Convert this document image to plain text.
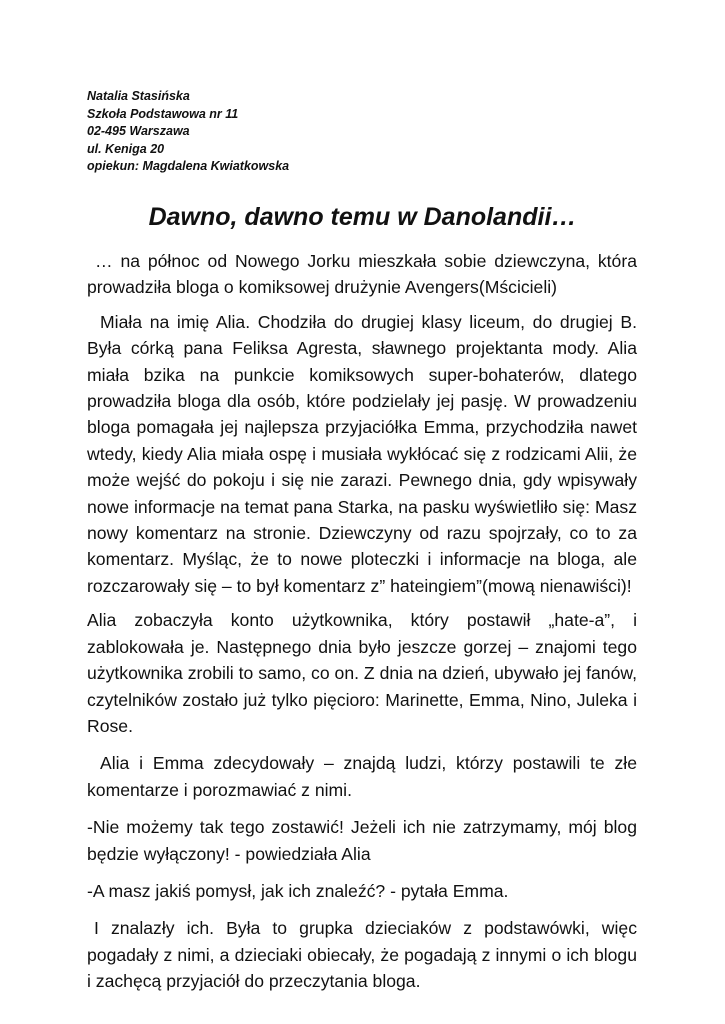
Natalia Stasińska
Szkoła Podstawowa nr 11
02-495 Warszawa
ul. Keniga 20
opiekun: Magdalena Kwiatkowska
Dawno, dawno temu w Danolandii…

… na północ od Nowego Jorku mieszkała sobie dziewczyna, która prowadziła bloga o komiksowej drużynie Avengers(Mścicieli)

Miała na imię Alia. Chodziła do drugiej klasy liceum, do drugiej B. Była córką pana Feliksa Agresta, sławnego projektanta mody. Alia miała bzika na punkcie komiksowych super-bohaterów, dlatego prowadziła bloga dla osób, które podzielały jej pasję. W prowadzeniu bloga pomagała jej najlepsza przyjaciółka Emma, przychodziła nawet wtedy, kiedy Alia miała ospę i musiała wykłócać się z rodzicami Alii, że może wejść do pokoju i się nie zarazi. Pewnego dnia, gdy wpisywały nowe informacje na temat pana Starka, na pasku wyświetliło się: Masz nowy komentarz na stronie. Dziewczyny od razu spojrzały, co to za komentarz. Myśląc, że to nowe ploteczki i informacje na bloga, ale rozczarowały się – to był komentarz z” hateingiem”(mową nienawiści)!

Alia zobaczyła konto użytkownika, który postawił „hate-a”, i zablokowała je. Następnego dnia było jeszcze gorzej – znajomi tego użytkownika zrobili to samo, co on. Z dnia na dzień, ubywało jej fanów, czytelników zostało już tylko pięcioro: Marinette, Emma, Nino, Juleka i Rose.

Alia i Emma zdecydowały – znajdą ludzi, którzy postawili te złe komentarze i porozmawiać z nimi.

-Nie możemy tak tego zostawić! Jeżeli ich nie zatrzymamy, mój blog będzie wyłączony! - powiedziała Alia

-A masz jakiś pomysł, jak ich znaleźć? - pytała Emma.

I znalazły ich. Była to grupka dzieciaków z podstawówki, więc pogadały z nimi, a dzieciaki obiecały, że pogadają z innymi o ich blogu i zachęcą przyjaciół do przeczytania bloga.
